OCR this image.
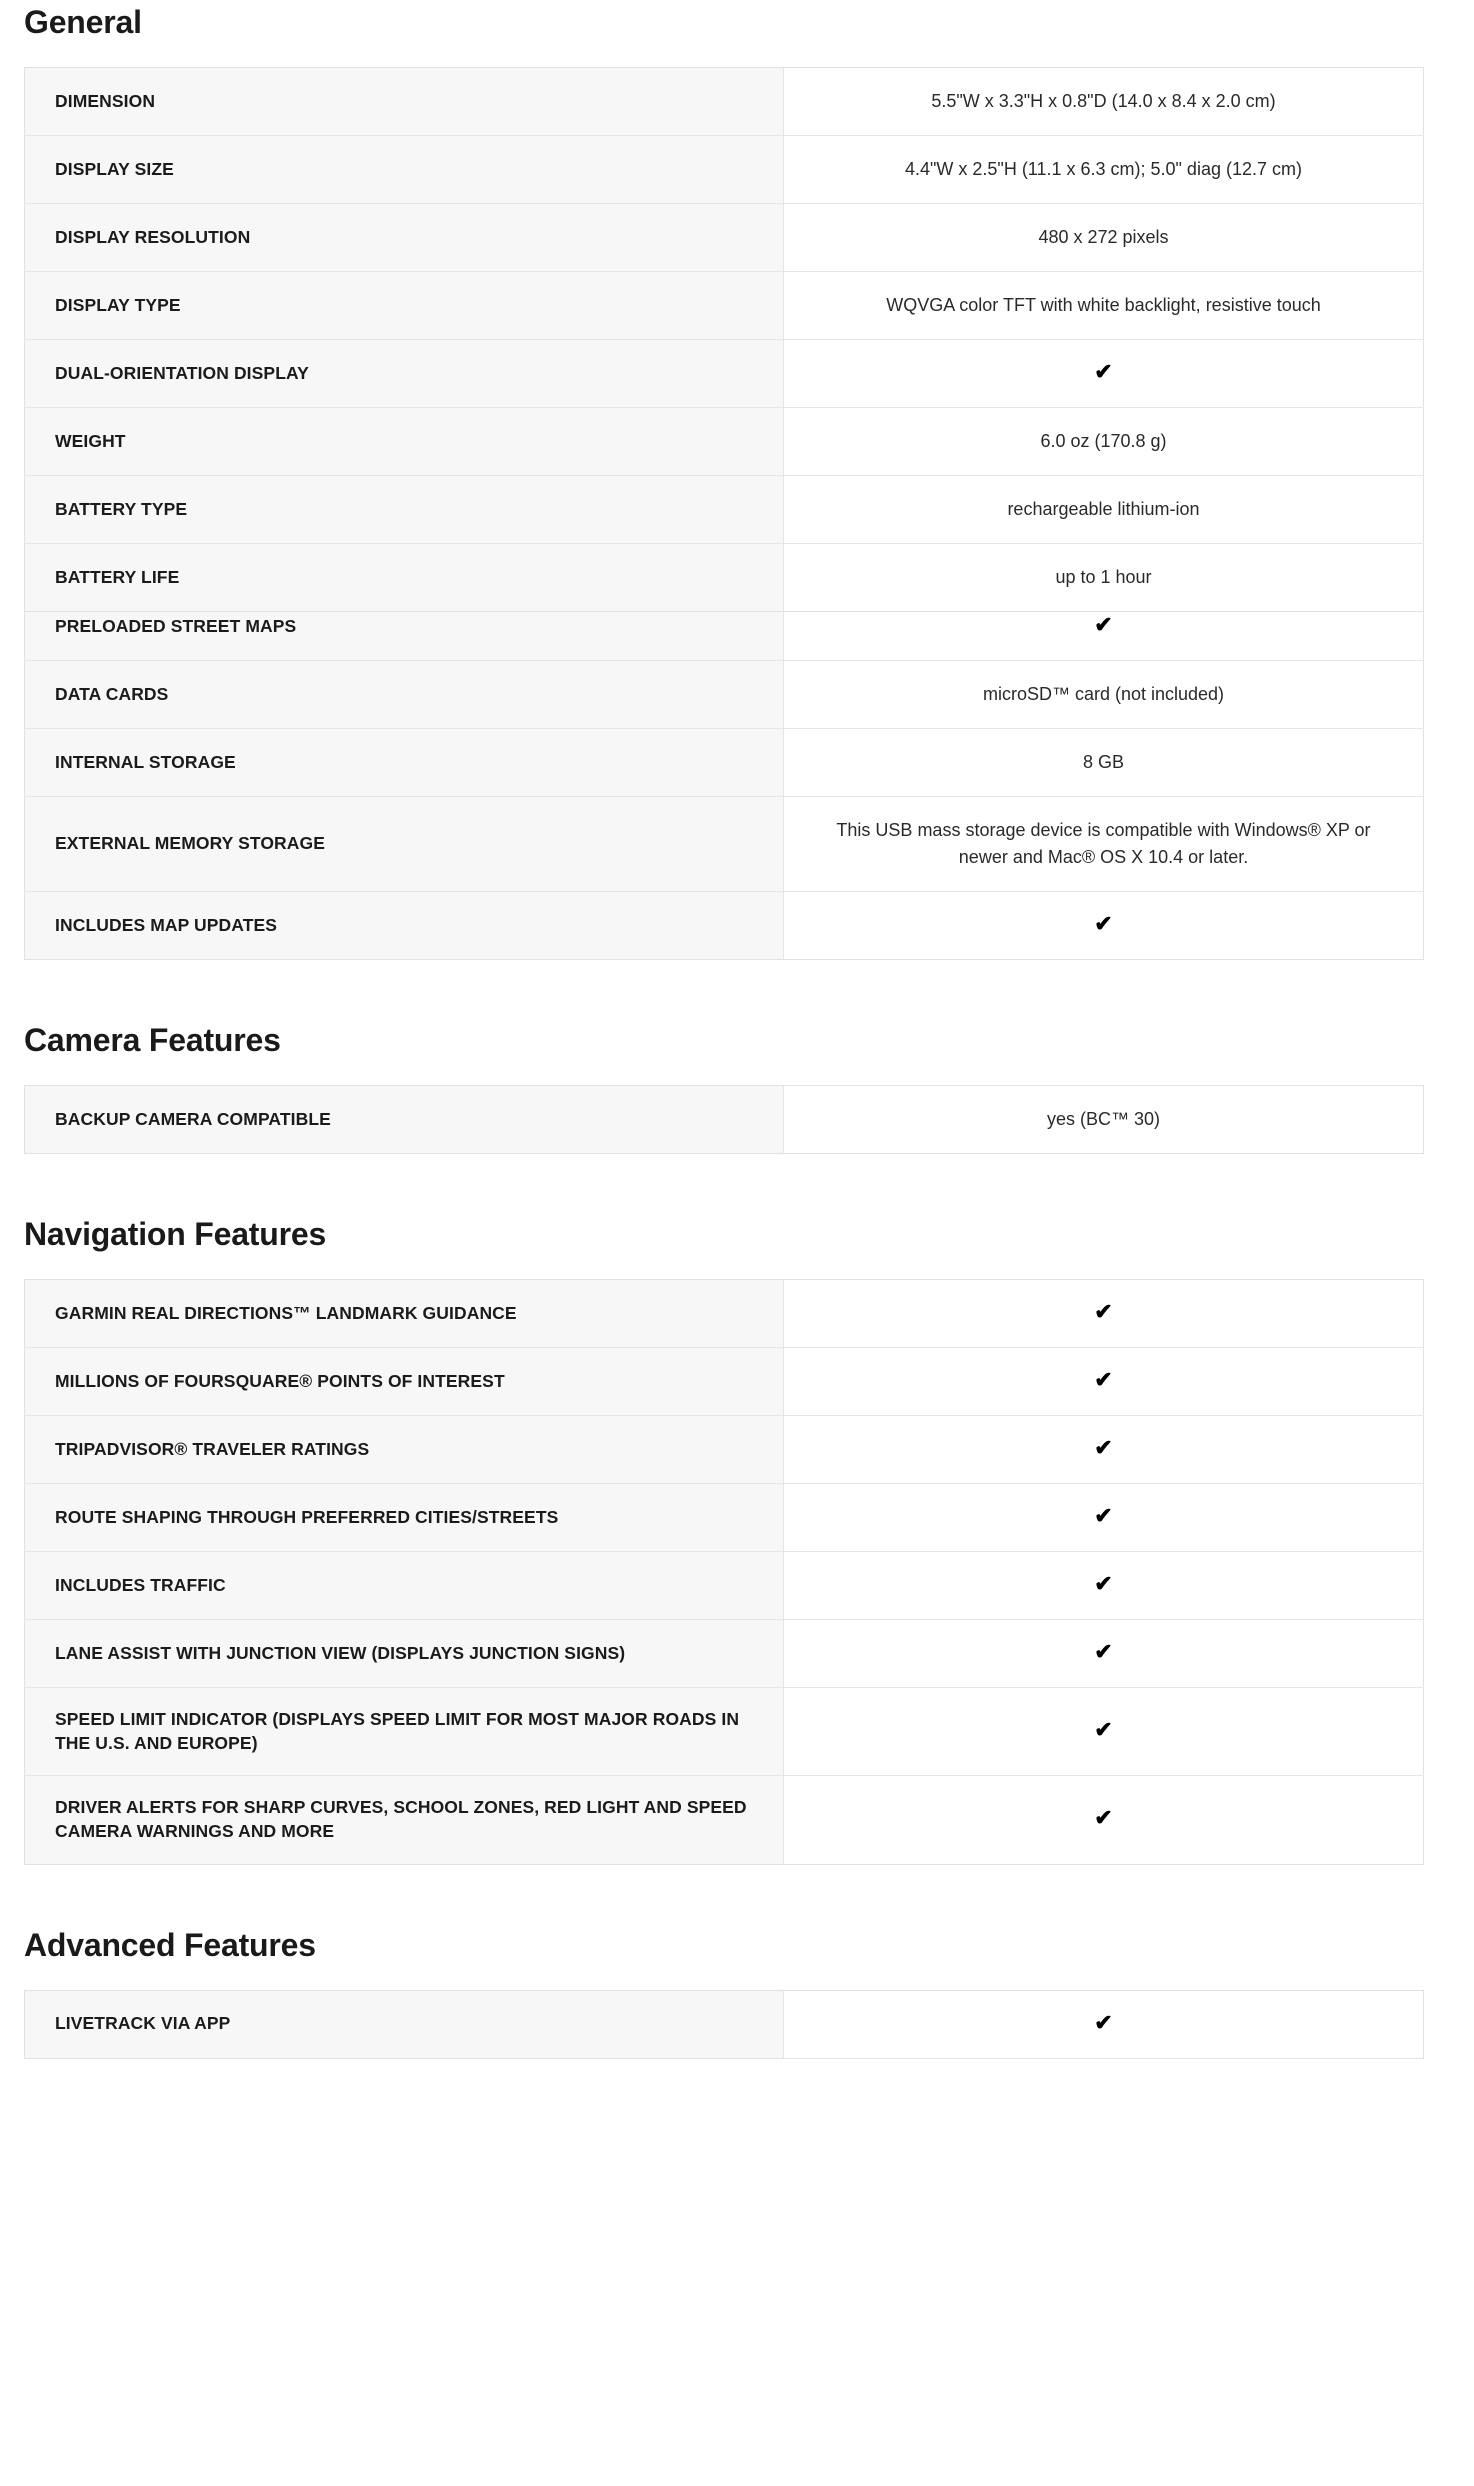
General
DIMENSION	5.5"W x 3.3"H x 0.8"D (14.0 x 8.4 x 2.0 cm)
DISPLAY SIZE	4.4"W x 2.5"H (11.1 x 6.3 cm); 5.0" diag (12.7 cm)
DISPLAY RESOLUTION	480 x 272 pixels
DISPLAY TYPE	WQVGA color TFT with white backlight, resistive touch
DUAL-ORIENTATION DISPLAY	✔
WEIGHT	6.0 oz (170.8 g)
BATTERY TYPE	rechargeable lithium-ion
BATTERY LIFE	up to 1 hour
PRELOADED STREET MAPS	✔
DATA CARDS	microSD™ card (not included)
INTERNAL STORAGE	8 GB
EXTERNAL MEMORY STORAGE	This USB mass storage device is compatible with Windows® XP or newer and Mac® OS X 10.4 or later.
INCLUDES MAP UPDATES	✔
Camera Features
BACKUP CAMERA COMPATIBLE	yes (BC™ 30)
Navigation Features
GARMIN REAL DIRECTIONS™ LANDMARK GUIDANCE	✔
MILLIONS OF FOURSQUARE® POINTS OF INTEREST	✔
TRIPADVISOR® TRAVELER RATINGS	✔
ROUTE SHAPING THROUGH PREFERRED CITIES/STREETS	✔
INCLUDES TRAFFIC	✔
LANE ASSIST WITH JUNCTION VIEW (DISPLAYS JUNCTION SIGNS)	✔
SPEED LIMIT INDICATOR (DISPLAYS SPEED LIMIT FOR MOST MAJOR ROADS IN THE U.S. AND EUROPE)	✔
DRIVER ALERTS FOR SHARP CURVES, SCHOOL ZONES, RED LIGHT AND SPEED CAMERA WARNINGS AND MORE	✔
Advanced Features
LIVETRACK VIA APP	✔
